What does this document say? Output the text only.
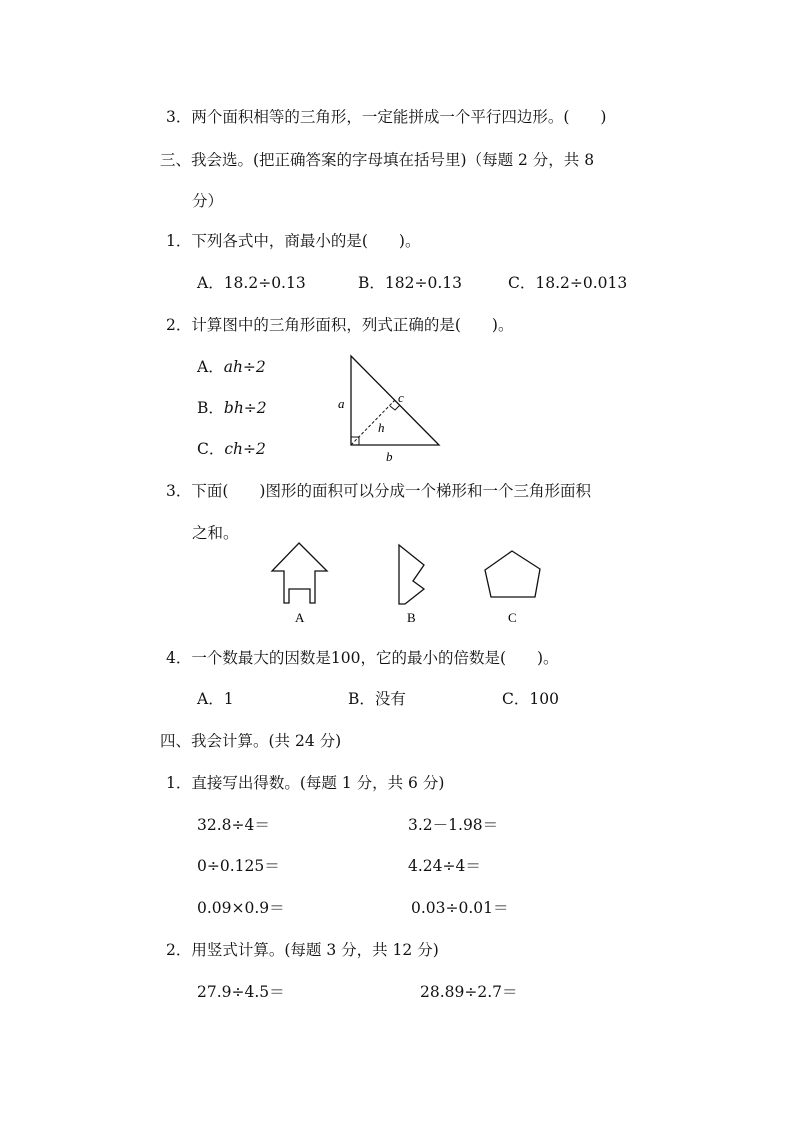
3．两个面积相等的三角形，一定能拼成一个平行四边形。(　　)
三、我会选。(把正确答案的字母填在括号里)（每题 2 分，共 8
分）
1．下列各式中，商最小的是(　　)。
A．18.2÷0.13	B．182÷0.13	C．18.2÷0.013
2．计算图中的三角形面积，列式正确的是(　　)。
A．ah÷2
B．bh÷2
C．ch÷2
a	c
h
b
3．下面(　　)图形的面积可以分成一个梯形和一个三角形面积
之和。
A	B	C
4．一个数最大的因数是100，它的最小的倍数是(　　)。
A．1	B．没有	C．100
四、我会计算。(共 24 分)
1．直接写出得数。(每题 1 分，共 6 分)
32.8÷4＝	3.2－1.98＝
0÷0.125＝	4.24÷4＝
0.09×0.9＝	0.03÷0.01＝
2．用竖式计算。(每题 3 分，共 12 分)
27.9÷4.5＝	28.89÷2.7＝
